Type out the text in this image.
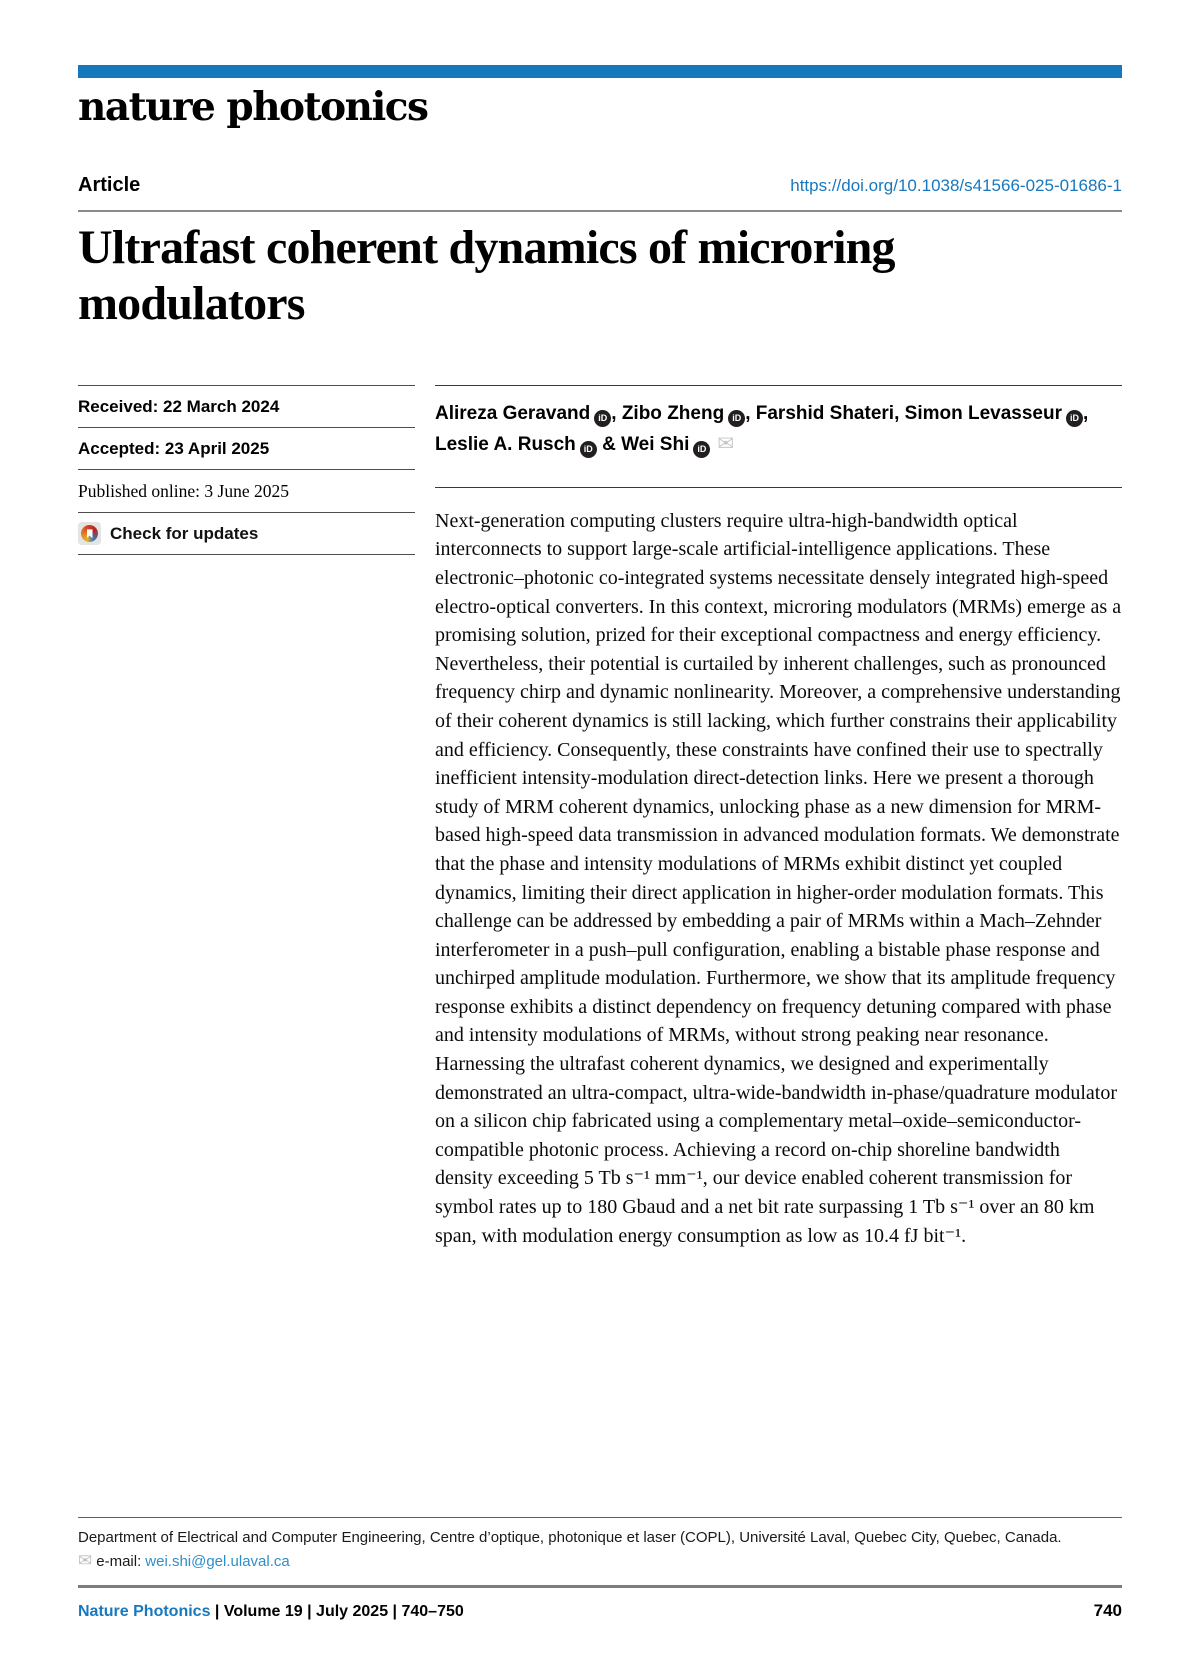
nature photonics
Article	https://doi.org/10.1038/s41566-025-01686-1
Ultrafast coherent dynamics of microring modulators
Received: 22 March 2024
Accepted: 23 April 2025
Published online: 3 June 2025
Check for updates
Alireza Geravand iD , Zibo Zheng iD , Farshid Shateri, Simon Levasseur iD , Leslie A. Rusch iD & Wei Shi iD ✉

Next-generation computing clusters require ultra-high-bandwidth optical interconnects to support large-scale artificial-intelligence applications. These electronic–photonic co-integrated systems necessitate densely integrated high-speed electro-optical converters. In this context, microring modulators (MRMs) emerge as a promising solution, prized for their exceptional compactness and energy efficiency. Nevertheless, their potential is curtailed by inherent challenges, such as pronounced frequency chirp and dynamic nonlinearity. Moreover, a comprehensive understanding of their coherent dynamics is still lacking, which further constrains their applicability and efficiency. Consequently, these constraints have confined their use to spectrally inefficient intensity-modulation direct-detection links. Here we present a thorough study of MRM coherent dynamics, unlocking phase as a new dimension for MRM-based high-speed data transmission in advanced modulation formats. We demonstrate that the phase and intensity modulations of MRMs exhibit distinct yet coupled dynamics, limiting their direct application in higher-order modulation formats. This challenge can be addressed by embedding a pair of MRMs within a Mach–Zehnder interferometer in a push–pull configuration, enabling a bistable phase response and unchirped amplitude modulation. Furthermore, we show that its amplitude frequency response exhibits a distinct dependency on frequency detuning compared with phase and intensity modulations of MRMs, without strong peaking near resonance. Harnessing the ultrafast coherent dynamics, we designed and experimentally demonstrated an ultra-compact, ultra-wide-bandwidth in-phase/quadrature modulator on a silicon chip fabricated using a complementary metal–oxide–semiconductor-compatible photonic process. Achieving a record on-chip shoreline bandwidth density exceeding 5 Tb s⁻¹ mm⁻¹, our device enabled coherent transmission for symbol rates up to 180 Gbaud and a net bit rate surpassing 1 Tb s⁻¹ over an 80 km span, with modulation energy consumption as low as 10.4 fJ bit⁻¹.

Department of Electrical and Computer Engineering, Centre d’optique, photonique et laser (COPL), Université Laval, Quebec City, Quebec, Canada.
✉ e-mail: wei.shi@gel.ulaval.ca
Nature Photonics | Volume 19 | July 2025 | 740–750	740
